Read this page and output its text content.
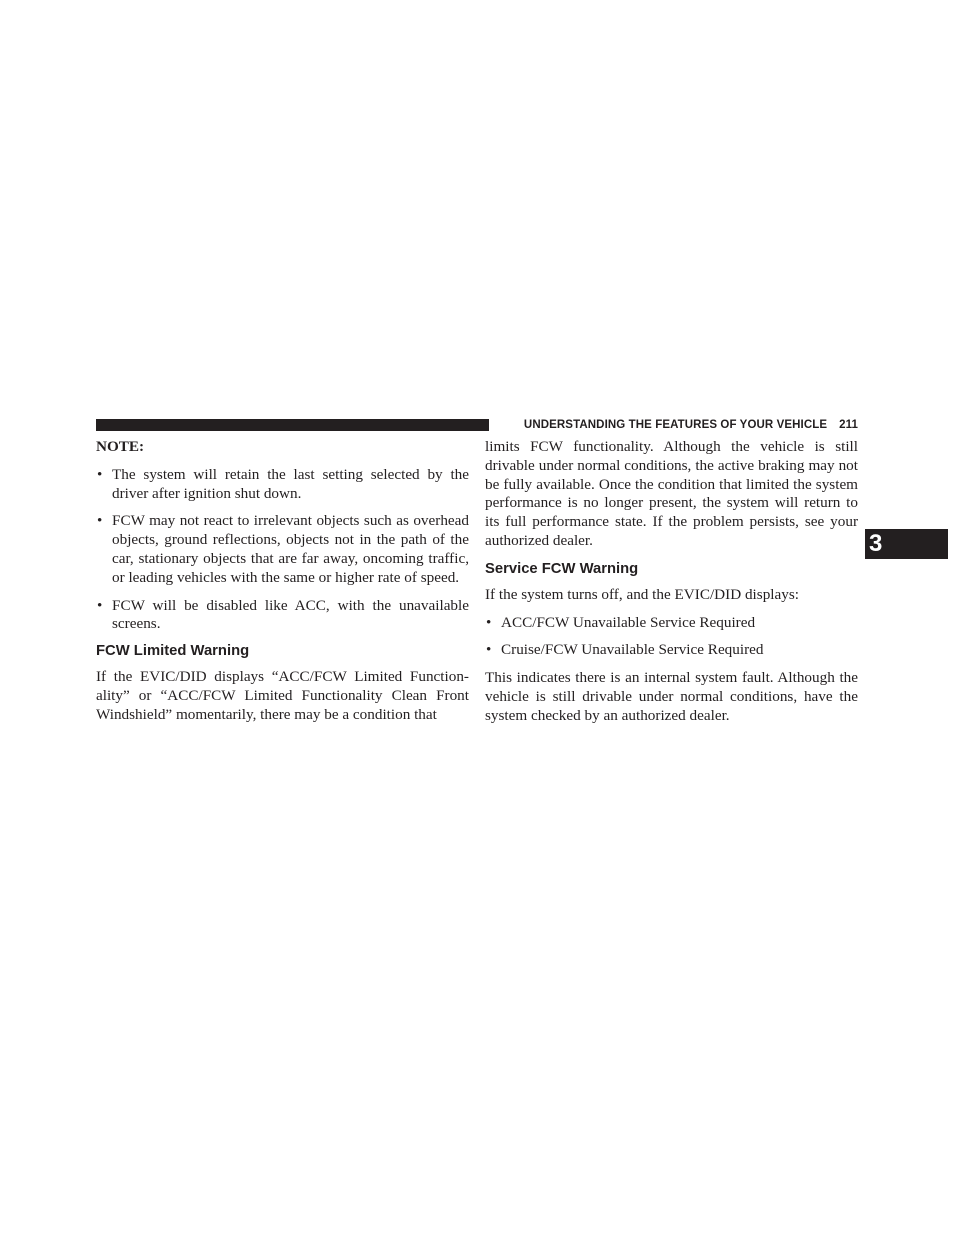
UNDERSTANDING THE FEATURES OF YOUR VEHICLE 211
3
NOTE:
• The system will retain the last setting selected by the driver after ignition shut down.
• FCW may not react to irrelevant objects such as overhead objects, ground reflections, objects not in the path of the car, stationary objects that are far away, oncoming traffic, or leading vehicles with the same or higher rate of speed.
• FCW will be disabled like ACC, with the unavailable screens.
FCW Limited Warning

If the EVIC/DID displays “ACC/FCW Limited Function- ality” or “ACC/FCW Limited Functionality Clean Front Windshield” momentarily, there may be a condition that

limits FCW functionality. Although the vehicle is still drivable under normal conditions, the active braking may not be fully available. Once the condition that limited the system performance is no longer present, the system will return to its full performance state. If the problem persists, see your authorized dealer.

Service FCW Warning

If the system turns off, and the EVIC/DID displays:

• ACC/FCW Unavailable Service Required
• Cruise/FCW Unavailable Service Required

This indicates there is an internal system fault. Although the vehicle is still drivable under normal conditions, have the system checked by an authorized dealer.
